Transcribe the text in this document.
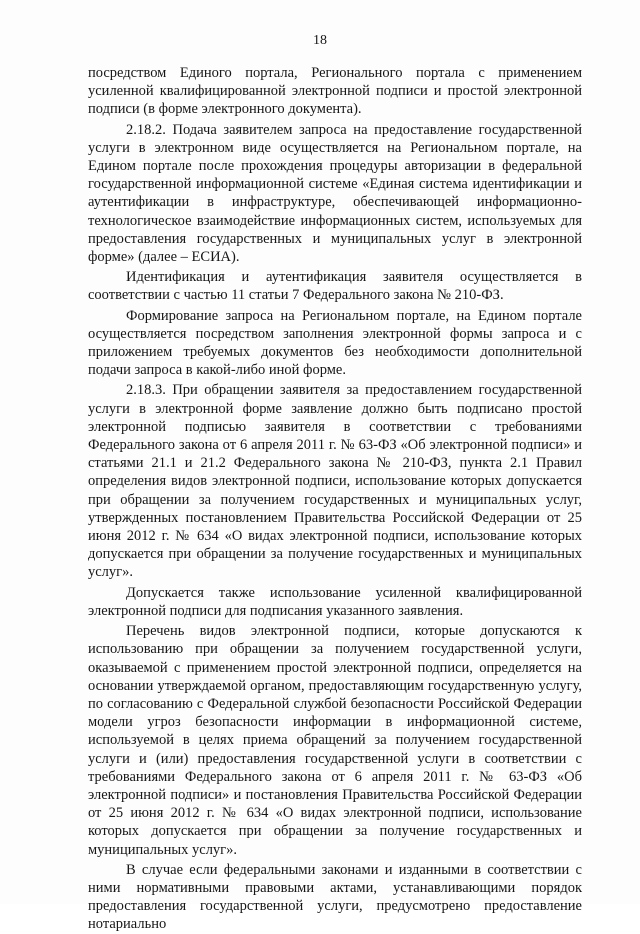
18

посредством Единого портала, Регионального портала с применением усиленной квалифицированной электронной подписи и простой электронной подписи (в форме электронного документа).

2.18.2. Подача заявителем запроса на предоставление государственной услуги в электронном виде осуществляется на Региональном портале, на Едином портале после прохождения процедуры авторизации в федеральной государственной информационной системе «Единая система идентификации и аутентификации в инфраструктуре, обеспечивающей информационно-технологическое взаимодействие информационных систем, используемых для предоставления государственных и муниципальных услуг в электронной форме» (далее – ЕСИА).

Идентификация и аутентификация заявителя осуществляется в соответствии с частью 11 статьи 7 Федерального закона № 210-ФЗ.

Формирование запроса на Региональном портале, на Едином портале осуществляется посредством заполнения электронной формы запроса и с приложением требуемых документов без необходимости дополнительной подачи запроса в какой-либо иной форме.

2.18.3. При обращении заявителя за предоставлением государственной услуги в электронной форме заявление должно быть подписано простой электронной подписью заявителя в соответствии с требованиями Федерального закона от 6 апреля 2011 г. № 63-ФЗ «Об электронной подписи» и статьями 21.1 и 21.2 Федерального закона № 210-ФЗ, пункта 2.1 Правил определения видов электронной подписи, использование которых допускается при обращении за получением государственных и муниципальных услуг, утвержденных постановлением Правительства Российской Федерации от 25 июня 2012 г. № 634 «О видах электронной подписи, использование которых допускается при обращении за получение государственных и муниципальных услуг».

Допускается также использование усиленной квалифицированной электронной подписи для подписания указанного заявления.

Перечень видов электронной подписи, которые допускаются к использованию при обращении за получением государственной услуги, оказываемой с применением простой электронной подписи, определяется на основании утверждаемой органом, предоставляющим государственную услугу, по согласованию с Федеральной службой безопасности Российской Федерации модели угроз безопасности информации в информационной системе, используемой в целях приема обращений за получением государственной услуги и (или) предоставления государственной услуги в соответствии с требованиями Федерального закона от 6 апреля 2011 г. № 63-ФЗ «Об электронной подписи» и постановления Правительства Российской Федерации от 25 июня 2012 г. № 634 «О видах электронной подписи, использование которых допускается при обращении за получение государственных и муниципальных услуг».

В случае если федеральными законами и изданными в соответствии с ними нормативными правовыми актами, устанавливающими порядок предоставления государственной услуги, предусмотрено предоставление нотариально
